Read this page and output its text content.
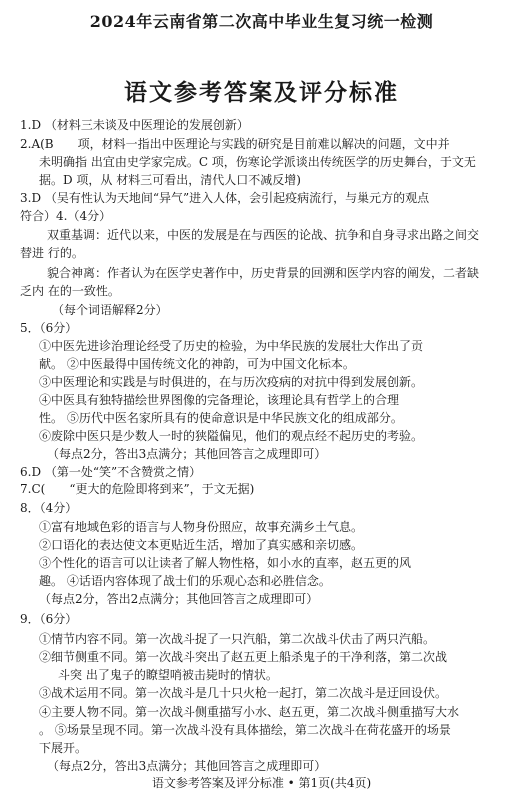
2024年云南省第二次高中毕业生复习统一检测
语文参考答案及评分标准
1.D （材料三未谈及中医理论的发展创新）
2.A(B　　项，材料一指出中医理论与实践的研究是目前难以解决的问题，文中并
未明确指 出宜由史学家完成。C 项，伤寒论学派谈出传统医学的历史舞台，于文无
据。D 项，从 材料三可看出，清代人口不减反增)
3.D （吴有性认为天地间“异气”进入人体，会引起疫病流行，与巢元方的观点
符合）4.（4分）
双重基调：近代以来，中医的发展是在与西医的论战、抗争和自身寻求出路之间交
替进 行的。
貌合神离：作者认为在医学史著作中，历史背景的回溯和医学内容的阐发，二者缺
乏内 在的一致性。
（每个词语解释2分）
5．（6分）
①中医先进诊治理论经受了历史的检验，为中华民族的发展壮大作出了贡
献。 ②中医最得中国传统文化的神韵，可为中国文化标本。
③中医理论和实践是与时俱进的，在与历次疫病的对抗中得到发展创新。
④中医具有独特描绘世界图像的完备理论，该理论具有哲学上的合理
性。 ⑤历代中医名家所具有的使命意识是中华民族文化的组成部分。
⑥废除中医只是少数人一时的狭隘偏见，他们的观点经不起历史的考验。
（每点2分，答出3点满分；其他回答言之成理即可）
6.D （第一处“笑”不含赞赏之情）
7.C(　　“更大的危险即将到来”，于文无据)
8．（4分）
①富有地域色彩的语言与人物身份照应，故事充满乡土气息。
②口语化的表达使文本更贴近生活，增加了真实感和亲切感。
③个性化的语言可以让读者了解人物性格，如小水的直率，赵五更的风
趣。 ④话语内容体现了战士们的乐观心态和必胜信念。
（每点2分，答出2点满分；其他回答言之成理即可）
9．（6分）
①情节内容不同。第一次战斗捉了一只汽船，第二次战斗伏击了两只汽船。
②细节侧重不同。第一次战斗突出了赵五更上船杀鬼子的干净利落，第二次战
斗突 出了鬼子的瞭望哨被击毙时的情状。
③战术运用不同。第一次战斗是几十只火枪一起打，第二次战斗是迂回设伏。
④主要人物不同。第一次战斗侧重描写小水、赵五更，第二次战斗侧重描写大水
。 ⑤场景呈现不同。第一次战斗没有具体描绘，第二次战斗在荷花盛开的场景
下展开。
（每点2分，答出3点满分；其他回答言之成理即可）
语文参考答案及评分标准 • 第1页(共4页)
